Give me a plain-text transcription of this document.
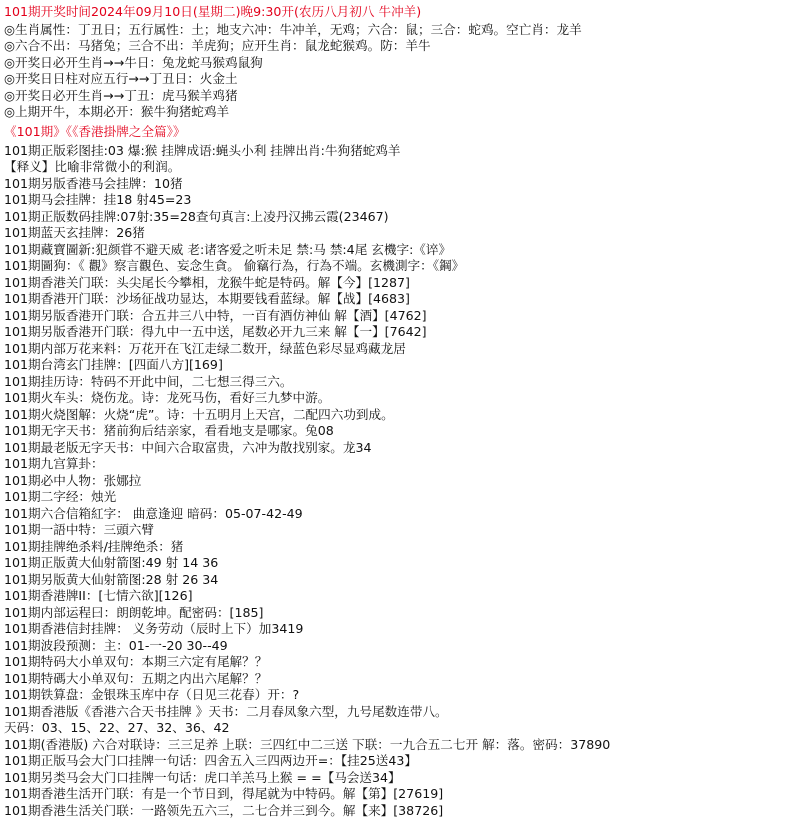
101期开奖时间2024年09月10日(星期二)晚9:30开(农历八月初八 牛冲羊)
◎生肖属性：丁丑日；五行属性：土；地支六冲：牛冲羊，无鸡；六合：鼠；三合：蛇鸡。空亡肖：龙羊
◎六合不出：马猪兔；三合不出：羊虎狗；应开生肖：鼠龙蛇猴鸡。防：羊牛
◎开奖日必开生肖→→牛日：兔龙蛇马猴鸡鼠狗
◎开奖日日柱对应五行→→丁丑日：火金土
◎开奖日必开生肖→→丁丑：虎马猴羊鸡猪
◎上期开牛，本期必开：猴牛狗猪蛇鸡羊
《101期》《《香港掛牌之全篇》》
101期正版彩图挂:03 爆:猴 挂牌成语:蝇头小利 挂牌出肖:牛狗猪蛇鸡羊
【释义】比喻非常微小的利润。
101期另版香港马会挂牌：10猪
101期马会挂牌：挂18 射45=23
101期正版数码挂牌:07射:35=28查句真言:上凌丹汉拂云霞(23467)
101期蓝天玄挂牌：26猪
101期藏寶圖新:犯颜甞不避天威 老:诸客爱之听未足 禁:马 禁:4尾 玄機字:《谇》
101期圖狗：《 觀》察言觀色、妄念生貪。 偷竊行為，行為不端。玄機測字：《鋼》
101期香港关门联：头尖尾长今攀相，龙猴牛蛇是特码。解【今】[1287]
101期香港开门联：沙场征战功显达，本期要钱看蓝绿。解【战】[4683]
101期另版香港开门联：合五井三八中特，一百有酒仿神仙 解【酒】[4762]
101期另版香港开门联：得九中一五中送，尾数必开九三来 解【一】[7642]
101期内部万花来料：万花开在飞江走绿二数开，绿蓝色彩尽显鸡藏龙居
101期台湾玄门挂牌：[四面八方][169]
101期挂历诗：特码不开此中间，二七想三得三六。
101期火车头：烧伤龙。诗：龙死马伤，看好三九梦中游。
101期火烧图解：火烧“虎”。诗：十五明月上天宫，二配四六功到成。
101期无字天书：猪前狗后结亲家，看看地支是哪家。兔08
101期最老版无字天书：中间六合取富贵，六冲为散找别家。龙34
101期九宫算卦：
101期必中人物：张娜拉
101期二字经：烛光
101期六合信箱紅字： 曲意逢迎 暗码：05-07-42-49
101期一語中特：三頭六臂
101期挂牌绝杀料/挂牌绝杀：猪
101期正版黄大仙射箭图:49 射 14 36
101期另版黄大仙射箭图:28 射 26 34
101期香港牌II：[七情六欲][126]
101期内部运程曰：朗朗乾坤。配密码：[185]
101期香港信封挂牌： 义务劳动（辰时上下）加3419
101期波段预测：主：01-一-20 30--49
101期特码大小单双句：本期三六定有尾解？？
101期特碼大小单双句：五期之内出六尾解？？
101期铁算盘：金银珠玉库中存（日见三花春）开：?
101期香港版《香港六合天书挂牌 》天书：二月春凤象六型，九号尾数连带八。
天码：03、15、22、27、32、36、42
101期(香港版) 六合对联诗：三三足养 上联：三四红中二三送 下联：一九合五二七开 解：落。密码：37890
101期正版马会大门口挂牌一句话：四舍五入三四两边开=：【挂25送43】
101期另类马会大门口挂牌一句话：虎口羊羔马上猴 = =【马会送34】
101期香港生活开门联：有是一个节日到，得尾就为中特码。解【第】[27619]
101期香港生活关门联：一路领先五六三，二七合并三到今。解【来】[38726]
